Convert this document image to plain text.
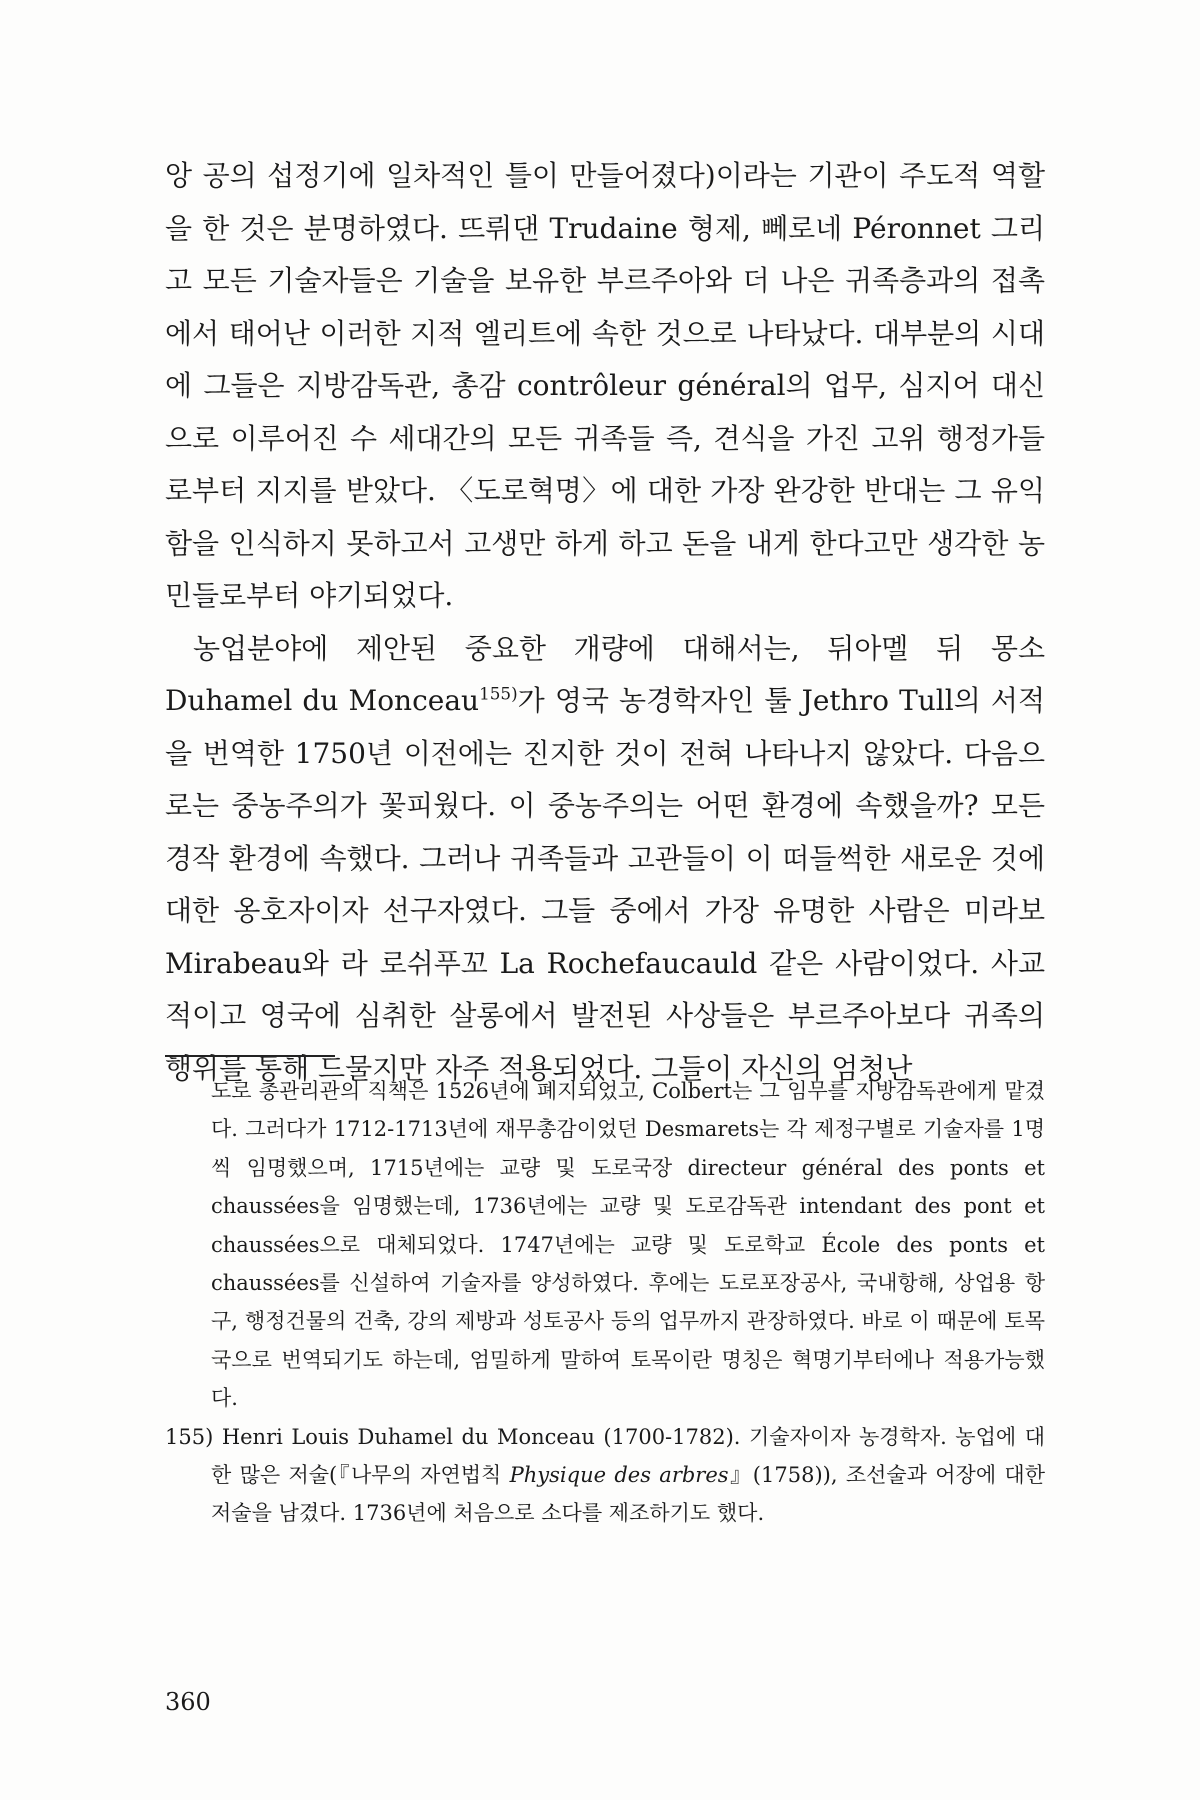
앙 공의 섭정기에 일차적인 틀이 만들어졌다)이라는 기관이 주도적 역할을 한 것은 분명하였다. 뜨뤼댄 Trudaine 형제, 뻬로네 Péronnet 그리고 모든 기술자들은 기술을 보유한 부르주아와 더 나은 귀족층과의 접촉에서 태어난 이러한 지적 엘리트에 속한 것으로 나타났다. 대부분의 시대에 그들은 지방감독관, 총감 contrôleur général의 업무, 심지어 대신으로 이루어진 수 세대간의 모든 귀족들 즉, 견식을 가진 고위 행정가들로부터 지지를 받았다. 〈도로혁명〉에 대한 가장 완강한 반대는 그 유익함을 인식하지 못하고서 고생만 하게 하고 돈을 내게 한다고만 생각한 농민들로부터 야기되었다.

농업분야에 제안된 중요한 개량에 대해서는, 뒤아멜 뒤 몽소 Duhamel du Monceau$^{155)}$가 영국 농경학자인 툴 Jethro Tull의 서적을 번역한 1750년 이전에는 진지한 것이 전혀 나타나지 않았다. 다음으로는 중농주의가 꽃피웠다. 이 중농주의는 어떤 환경에 속했을까? 모든 경작 환경에 속했다. 그러나 귀족들과 고관들이 이 떠들썩한 새로운 것에 대한 옹호자이자 선구자였다. 그들 중에서 가장 유명한 사람은 미라보 Mirabeau와 라 로쉬푸꼬 La Rochefaucauld 같은 사람이었다. 사교적이고 영국에 심취한 살롱에서 발전된 사상들은 부르주아보다 귀족의 행위를 통해 드물지만 자주 적용되었다. 그들이 자신의 엄청난

도로 총관리관의 직책은 1526년에 폐지되었고, Colbert는 그 임무를 지방감독관에게 맡겼다. 그러다가 1712-1713년에 재무총감이었던 Desmarets는 각 제정구별로 기술자를 1명씩 임명했으며, 1715년에는 교량 및 도로국장 directeur général des ponts et chaussées을 임명했는데, 1736년에는 교량 및 도로감독관 intendant des pont et chaussées으로 대체되었다. 1747년에는 교량 및 도로학교 École des ponts et chaussées를 신설하여 기술자를 양성하였다. 후에는 도로포장공사, 국내항해, 상업용 항구, 행정건물의 건축, 강의 제방과 성토공사 등의 업무까지 관장하였다. 바로 이 때문에 토목국으로 번역되기도 하는데, 엄밀하게 말하여 토목이란 명칭은 혁명기부터에나 적용가능했다.

155) Henri Louis Duhamel du Monceau (1700-1782). 기술자이자 농경학자. 농업에 대한 많은 저술(『나무의 자연법칙 Physique des arbres』(1758)), 조선술과 어장에 대한 저술을 남겼다. 1736년에 처음으로 소다를 제조하기도 했다.

360
